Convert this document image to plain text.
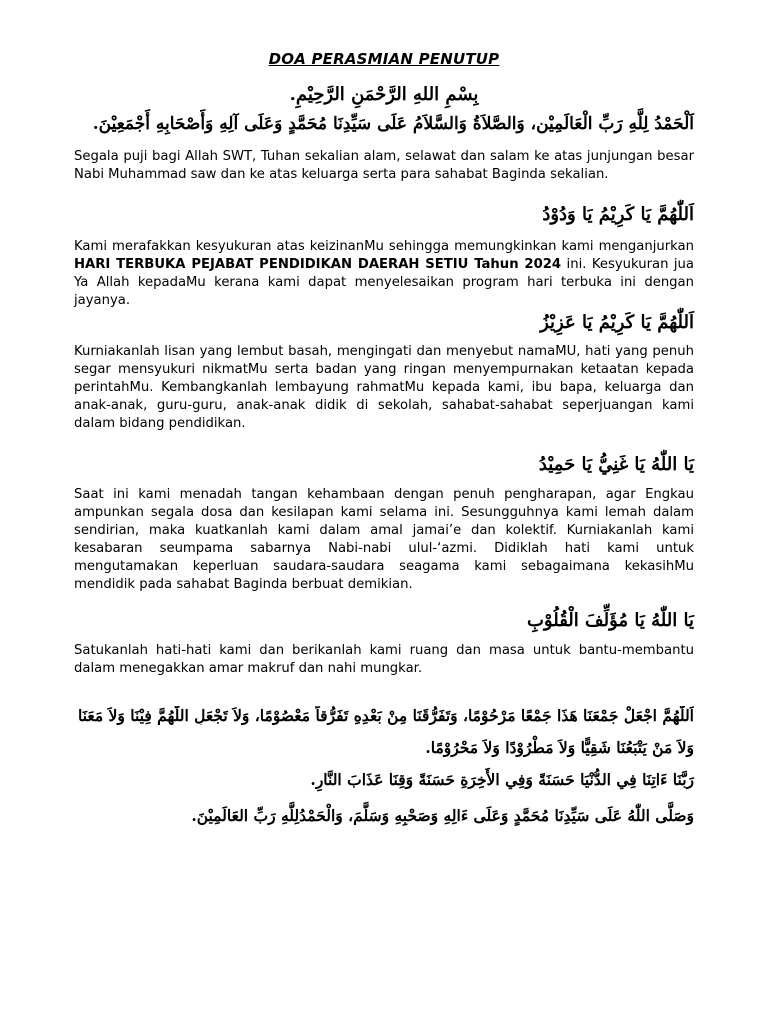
DOA PERASMIAN PENUTUP
بِسْمِ اللهِ الرَّحْمَنِ الرَّحِيْمِ.
اَلْحَمْدُ لِلَّهِ رَبِّ الْعَالَمِيْن، وَالصَّلاَةُ وَالسَّلاَمُ عَلَى سَيِّدِنَا مُحَمَّدٍ وَعَلَى آلِهِ وَأَصْحَابِهِ أَجْمَعِيْنَ.
Segala puji bagi Allah SWT, Tuhan sekalian alam, selawat dan salam ke atas junjungan besar Nabi Muhammad saw dan ke atas keluarga serta para sahabat Baginda sekalian.
اَللّٰهُمَّ يَا كَرِيْمُ يَا وَدُوْدُ
Kami merafakkan kesyukuran atas keizinanMu sehingga memungkinkan kami menganjurkan HARI TERBUKA PEJABAT PENDIDIKAN DAERAH SETIU Tahun 2024 ini. Kesyukuran jua Ya Allah kepadaMu kerana kami dapat menyelesaikan program hari terbuka ini dengan jayanya.
اَللّٰهُمَّ يَا كَرِيْمُ يَا عَزِيْزُ
Kurniakanlah lisan yang lembut basah, mengingati dan menyebut namaMU, hati yang penuh segar mensyukuri nikmatMu serta badan yang ringan menyempurnakan ketaatan kepada perintahMu. Kembangkanlah lembayung rahmatMu kepada kami, ibu bapa, keluarga dan anak-anak, guru-guru, anak-anak didik di sekolah, sahabat-sahabat seperjuangan kami dalam bidang pendidikan.
يَا اللّٰهُ يَا غَنِيُّ يَا حَمِيْدُ
Saat ini kami menadah tangan kehambaan dengan penuh pengharapan, agar Engkau ampunkan segala dosa dan kesilapan kami selama ini. Sesungguhnya kami lemah dalam sendirian, maka kuatkanlah kami dalam amal jamai’e dan kolektif. Kurniakanlah kami kesabaran seumpama sabarnya Nabi-nabi ulul-‘azmi. Didiklah hati kami untuk mengutamakan keperluan saudara-saudara seagama kami sebagaimana kekasihMu mendidik pada sahabat Baginda berbuat demikian.
يَا اللّٰهُ يَا مُؤَلِّفَ الْقُلُوْبِ
Satukanlah hati-hati kami dan berikanlah kami ruang dan masa untuk bantu-membantu dalam menegakkan amar makruf dan nahi mungkar.
اَللّٰهُمَّ اجْعَلْ جَمْعَنَا هَذَا جَمْعًا مَرْحُوْمًا، وَتَفَرُّقَنَا مِنْ بَعْدِهِ تَفَرُّقاً مَعْصُوْمًا، وَلاَ تَجْعَلِ اللّٰهُمَّ فِيْنَا وَلاَ مَعَنَا
وَلاَ مَنْ يَتْبَعُنَا شَقِيًّا وَلاَ مَطْرُوْدًا وَلاَ مَحْرُوْمًا.
رَبَّنَا ءَاتِنَا فِي الدُّنْيَا حَسَنَةً وَفِي الأَخِرَةِ حَسَنَةً وَقِنَا عَذَابَ النَّارِ.
وَصَلَّى اللّٰهُ عَلَى سَيِّدِنَا مُحَمَّدٍ وَعَلَى ءَالِهِ وَصَحْبِهِ وَسَلَّمَ، وَالْحَمْدُلِلَّهِ رَبِّ العَالَمِيْنَ.
